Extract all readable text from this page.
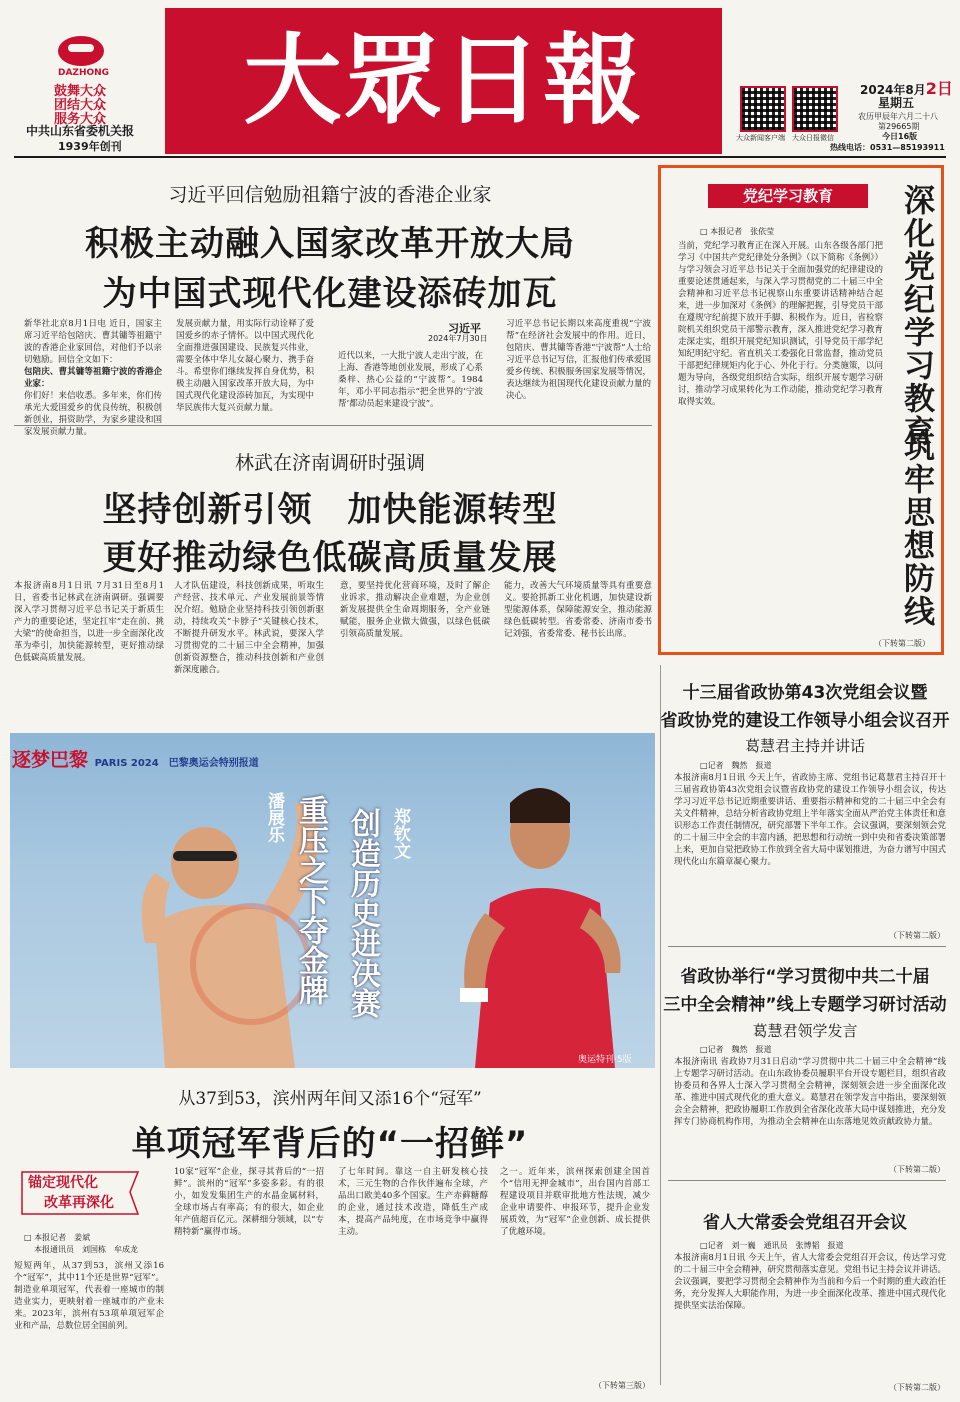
DAZHONG
鼓舞大众
团结大众
服务大众
中共山东省委机关报
1939年创刊
大眾日報	大众新闻客户端 大众日报微信
2024年8月2日
星期五
农历甲辰年六月二十八
第29665期
今日16版
热线电话：0531—85193911
习近平回信勉励祖籍宁波的香港企业家
积极主动融入国家改革开放大局
为中国式现代化建设添砖加瓦
新华社北京8月1日电 近日，国家主席习近平给包陪庆、曹其镛等祖籍宁波的香港企业家回信，对他们予以亲切勉励。回信全文如下：
包陪庆、曹其镛等祖籍宁波的香港企业家：
你们好！来信收悉。多年来，你们传承光大爱国爱乡的优良传统，积极创新创业，捐资助学，为家乡建设和国家发展贡献力量。
发展贡献力量，用实际行动诠释了爱国爱乡的赤子情怀。以中国式现代化全面推进强国建设、民族复兴伟业，需要全体中华儿女凝心聚力、携手奋斗。希望你们继续发挥自身优势，积极主动融入国家改革开放大局，为中国式现代化建设添砖加瓦，为实现中华民族伟大复兴贡献力量。
习近平
2024年7月30日
近代以来，一大批宁波人走出宁波，在上海、香港等地创业发展，形成了心系桑梓、热心公益的“宁波帮”。1984年，邓小平同志指示“把全世界的‘宁波帮’都动员起来建设宁波”。
习近平总书记长期以来高度重视“宁波帮”在经济社会发展中的作用。近日，包陪庆、曹其镛等香港“宁波帮”人士给习近平总书记写信，汇报他们传承爱国爱乡传统、积极服务国家发展等情况，表达继续为祖国现代化建设贡献力量的决心。
林武在济南调研时强调
坚持创新引领　加快能源转型
更好推动绿色低碳高质量发展
本报济南8月1日讯 7月31日至8月1日，省委书记林武在济南调研。强调要深入学习贯彻习近平总书记关于新质生产力的重要论述，坚定扛牢“走在前、挑大梁”的使命担当，以进一步全面深化改革为牵引，加快能源转型，更好推动绿色低碳高质量发展。
人才队伍建设，科技创新成果，听取生产经营、技术单元、产业发展前景等情况介绍。勉励企业坚持科技引领创新驱动，持续攻关“卡脖子”关键核心技术，不断提升研发水平。林武说，要深入学习贯彻党的二十届三中全会精神，加强创新资源整合，推动科技创新和产业创新深度融合。
意，要坚持优化营商环境，及时了解企业诉求，推动解决企业难题，为企业创新发展提供全生命周期服务，全产业链赋能，服务企业做大做强，以绿色低碳引领高质量发展。
能力，改善大气环境质量等具有重要意义。要抢抓新工业化机遇，加快建设新型能源体系，保障能源安全，推动能源绿色低碳转型。省委常委、济南市委书记刘强，省委常委、秘书长出席。
党纪学习教育
□ 本报记者　张依莹
当前，党纪学习教育正在深入开展。山东各级各部门把学习《中国共产党纪律处分条例》（以下简称《条例》）与学习领会习近平总书记关于全面加强党的纪律建设的重要论述贯通起来，与深入学习贯彻党的二十届三中全会精神和习近平总书记视察山东重要讲话精神结合起来，进一步加深对《条例》的理解把握，引导党员干部在遵规守纪前提下放开手脚、积极作为。近日，省检察院机关组织党员干部警示教育，深入推进党纪学习教育走深走实，组织开展党纪知识测试，引导党员干部学纪知纪明纪守纪。省直机关工委强化日常监督，推动党员干部把纪律规矩内化于心、外化于行。分类施策，以问题为导向，各级党组织结合实际，组织开展专题学习研讨，推动学习成果转化为工作动能，推动党纪学习教育取得实效。	深化党纪学习教育
筑牢思想防线
（下转第二版）
十三届省政协第43次党组会议暨
省政协党的建设工作领导小组会议召开
葛慧君主持并讲话
□记者　魏然　报道
本报济南8月1日讯 今天上午，省政协主席、党组书记葛慧君主持召开十三届省政协第43次党组会议暨省政协党的建设工作领导小组会议，传达学习习近平总书记近期重要讲话、重要指示精神和党的二十届三中全会有关文件精神，总结分析省政协党组上半年落实全面从严治党主体责任和意识形态工作责任制情况，研究部署下半年工作。会议强调，要深刻领会党的二十届三中全会的丰富内涵，把思想和行动统一到中央和省委决策部署上来，更加自觉把政协工作放到全省大局中谋划推进，为奋力谱写中国式现代化山东篇章凝心聚力。
（下转第二版）
省政协举行“学习贯彻中共二十届
三中全会精神”线上专题学习研讨活动
葛慧君领学发言
□记者　魏然　报道
本报济南讯 省政协7月31日启动“学习贯彻中共二十届三中全会精神”线上专题学习研讨活动。在山东政协委员履职平台开设专题栏目，组织省政协委员和各界人士深入学习贯彻全会精神，深刻领会进一步全面深化改革、推进中国式现代化的重大意义。葛慧君在领学发言中指出，要深刻领会全会精神，把政协履职工作放到全省深化改革大局中谋划推进，充分发挥专门协商机构作用，为推动全会精神在山东落地见效贡献政协力量。
（下转第二版）
省人大常委会党组召开会议
□记者　刘一巍　通讯员　张博韬　报道
本报济南8月1日讯 今天上午，省人大常委会党组召开会议，传达学习党的二十届三中全会精神，研究贯彻落实意见。党组书记主持会议并讲话。会议强调，要把学习贯彻全会精神作为当前和今后一个时期的重大政治任务，充分发挥人大职能作用，为进一步全面深化改革、推进中国式现代化提供坚实法治保障。
（下转第二版）
逐梦巴黎 PARIS 2024　巴黎奥运会特别报道
潘展乐 重压之下夺金牌	郑钦文
创造历史进决赛
奥运特刊·5版
从37到53，滨州两年间又添16个“冠军”
单项冠军背后的“一招鲜”
锚定现代化
改革再深化
□ 本报记者　姜斌
本报通讯员　刘国栋　牟成龙
短短两年，从37到53，滨州又添16个“冠军”，其中11个还是世界“冠军”。制造业单项冠军，代表着一座城市的制造业实力，更映射着一座城市的产业未来。2023年，滨州有53项单项冠军企业和产品，总数位居全国前列。
10家“冠军”企业，探寻其背后的“一招鲜”。滨州的“冠军”多姿多彩。有的很小，如发发集团生产的水晶金属材料，全球市场占有率高；有的很大，如企业年产值超百亿元。深耕细分领域，以“专精特新”赢得市场。
了七年时间。靠这一自主研发核心技术，三元生物的合作伙伴遍布全球，产品出口欧美40多个国家。生产赤藓糖醇的企业，通过技术改造，降低生产成本，提高产品纯度，在市场竞争中赢得主动。
之一。近年来，滨州探索创建全国首个“信用无押金城市”，出台国内首部工程建设项目并联审批地方性法规，减少企业申请要件、申报环节，提升企业发展质效，为“冠军”企业创新、成长提供了优越环境。
（下转第三版）
